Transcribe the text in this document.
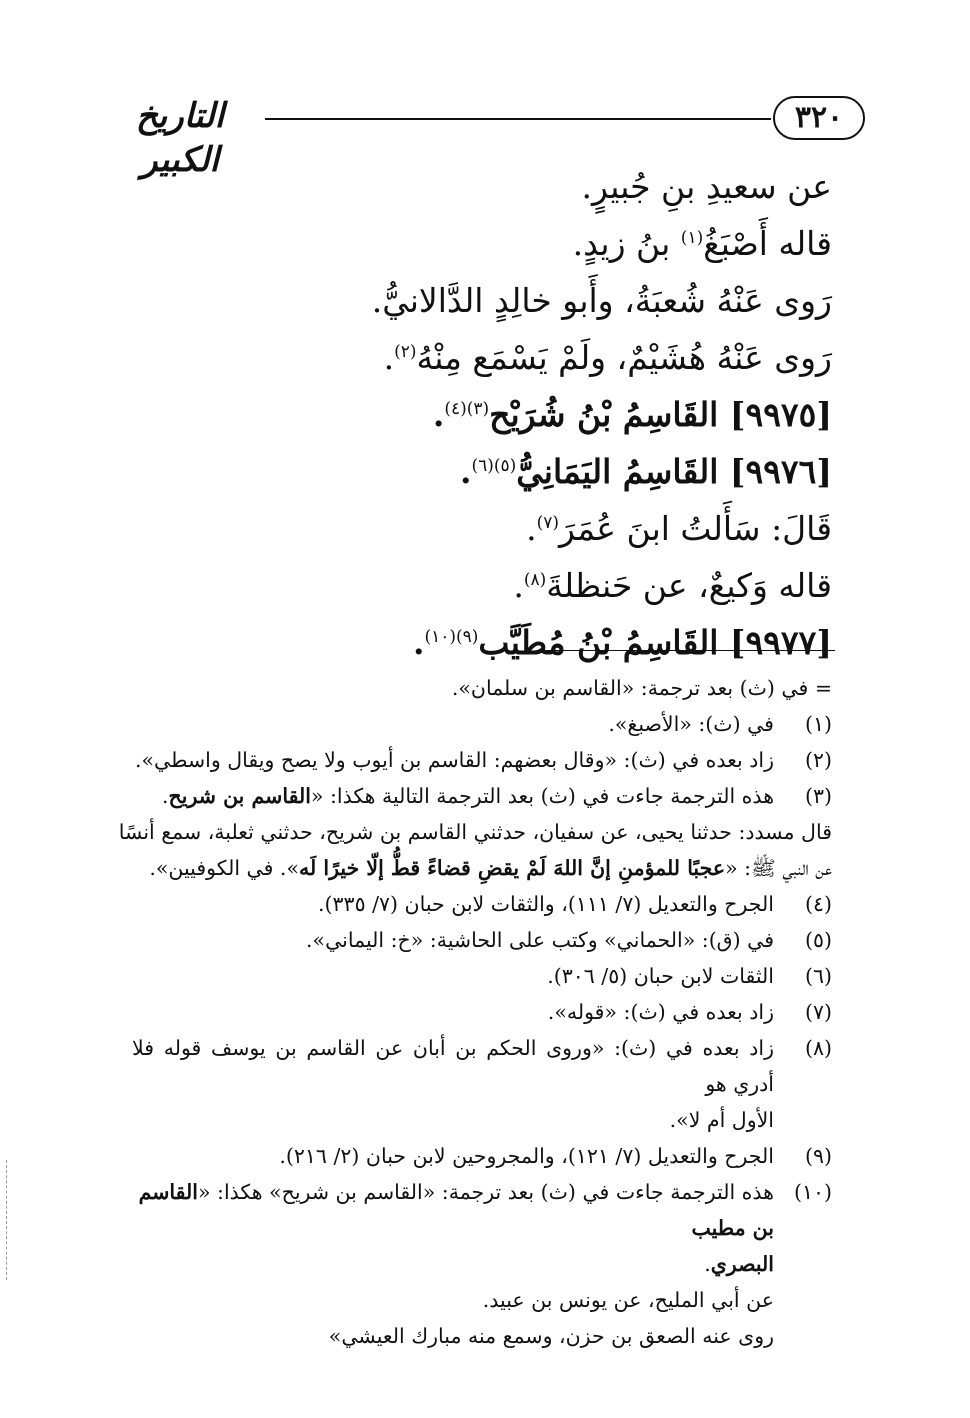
٣٢٠
التاريخ الكبير
عن سعيدِ بنِ جُبيرٍ.
قاله أَصْبَغُ$^{(١)}$ بنُ زيدٍ.
رَوى عَنْهُ شُعبَةُ، وأَبو خالِدٍ الدَّالانيُّ.
رَوى عَنْهُ هُشَيْمٌ، ولَمْ يَسْمَع مِنْهُ$^{(٢)}$.
[٩٩٧٥] القَاسِمُ بْنُ شُرَيْح$^{(٣)(٤)}$.
[٩٩٧٦] القَاسِمُ اليَمَانِيُّ$^{(٥)(٦)}$.
قَالَ: سَأَلتُ ابنَ عُمَرَ$^{(٧)}$.
قاله وَكيعٌ، عن حَنظلةَ$^{(٨)}$.
[٩٩٧٧] القَاسِمُ بْنُ مُطَيَّب$^{(٩)(١٠)}$.
= في (ث) بعد ترجمة: «القاسم بن سلمان».
(١)
في (ث): «الأصبغ».
(٢)
زاد بعده في (ث): «وقال بعضهم: القاسم بن أيوب ولا يصح ويقال واسطي».
(٣)
هذه الترجمة جاءت في (ث) بعد الترجمة التالية هكذا: «القاسم بن شريح.
قال مسدد: حدثنا يحيى، عن سفيان، حدثني القاسم بن شريح، حدثني ثعلبة، سمع أنسًا
عن النبي ﷺ: «عجبًا للمؤمنِ إنَّ اللهَ لَمْ يقضِ قضاءً قطُّ إلّا خيرًا لَه». في الكوفيين».
(٤)
الجرح والتعديل (٧/ ١١١)، والثقات لابن حبان (٧/ ٣٣٥).
(٥)
في (ق): «الحماني» وكتب على الحاشية: «خ: اليماني».
(٦)
الثقات لابن حبان (٥/ ٣٠٦).
(٧)
زاد بعده في (ث): «قوله».
(٨)
زاد بعده في (ث): «وروى الحكم بن أبان عن القاسم بن يوسف قوله فلا أدري هو
الأول أم لا».
(٩)
الجرح والتعديل (٧/ ١٢١)، والمجروحين لابن حبان (٢/ ٢١٦).
(١٠)
هذه الترجمة جاءت في (ث) بعد ترجمة: «القاسم بن شريح» هكذا: «القاسم بن مطيب
البصري.
عن أبي المليح، عن يونس بن عبيد.
روى عنه الصعق بن حزن، وسمع منه مبارك العيشي»
